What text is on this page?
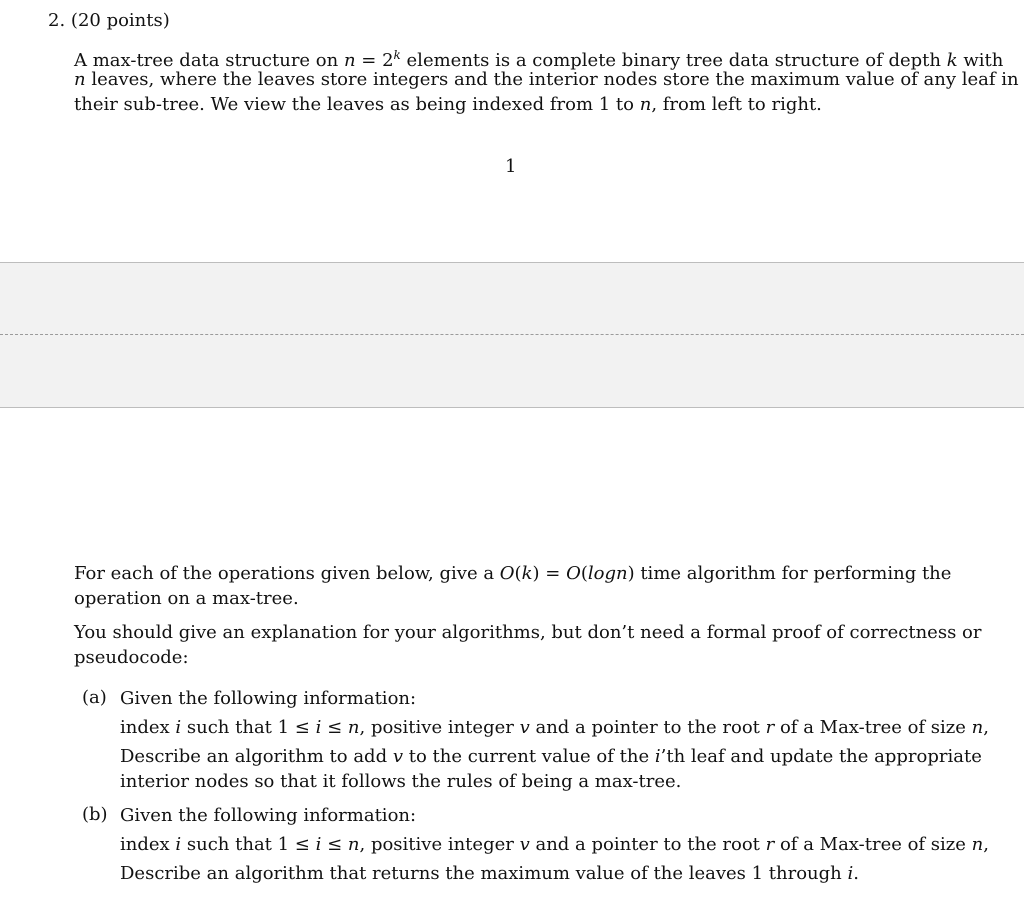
2. (20 points)
A max-tree data structure on $n = 2^k$ elements is a complete binary tree data structure of depth k with
n leaves, where the leaves store integers and the interior nodes store the maximum value of any leaf in
their sub-tree. We view the leaves as being indexed from 1 to n, from left to right.
1
For each of the operations given below, give a O(k) = O(logn) time algorithm for performing the
operation on a max-tree.
You should give an explanation for your algorithms, but don’t need a formal proof of correctness or
pseudocode:
(a) Given the following information:
index i such that 1 ≤ i ≤ n, positive integer v and a pointer to the root r of a Max-tree of size n,
Describe an algorithm to add v to the current value of the i’th leaf and update the appropriate
interior nodes so that it follows the rules of being a max-tree.
(b) Given the following information:
index i such that 1 ≤ i ≤ n, positive integer v and a pointer to the root r of a Max-tree of size n,
Describe an algorithm that returns the maximum value of the leaves 1 through i.
